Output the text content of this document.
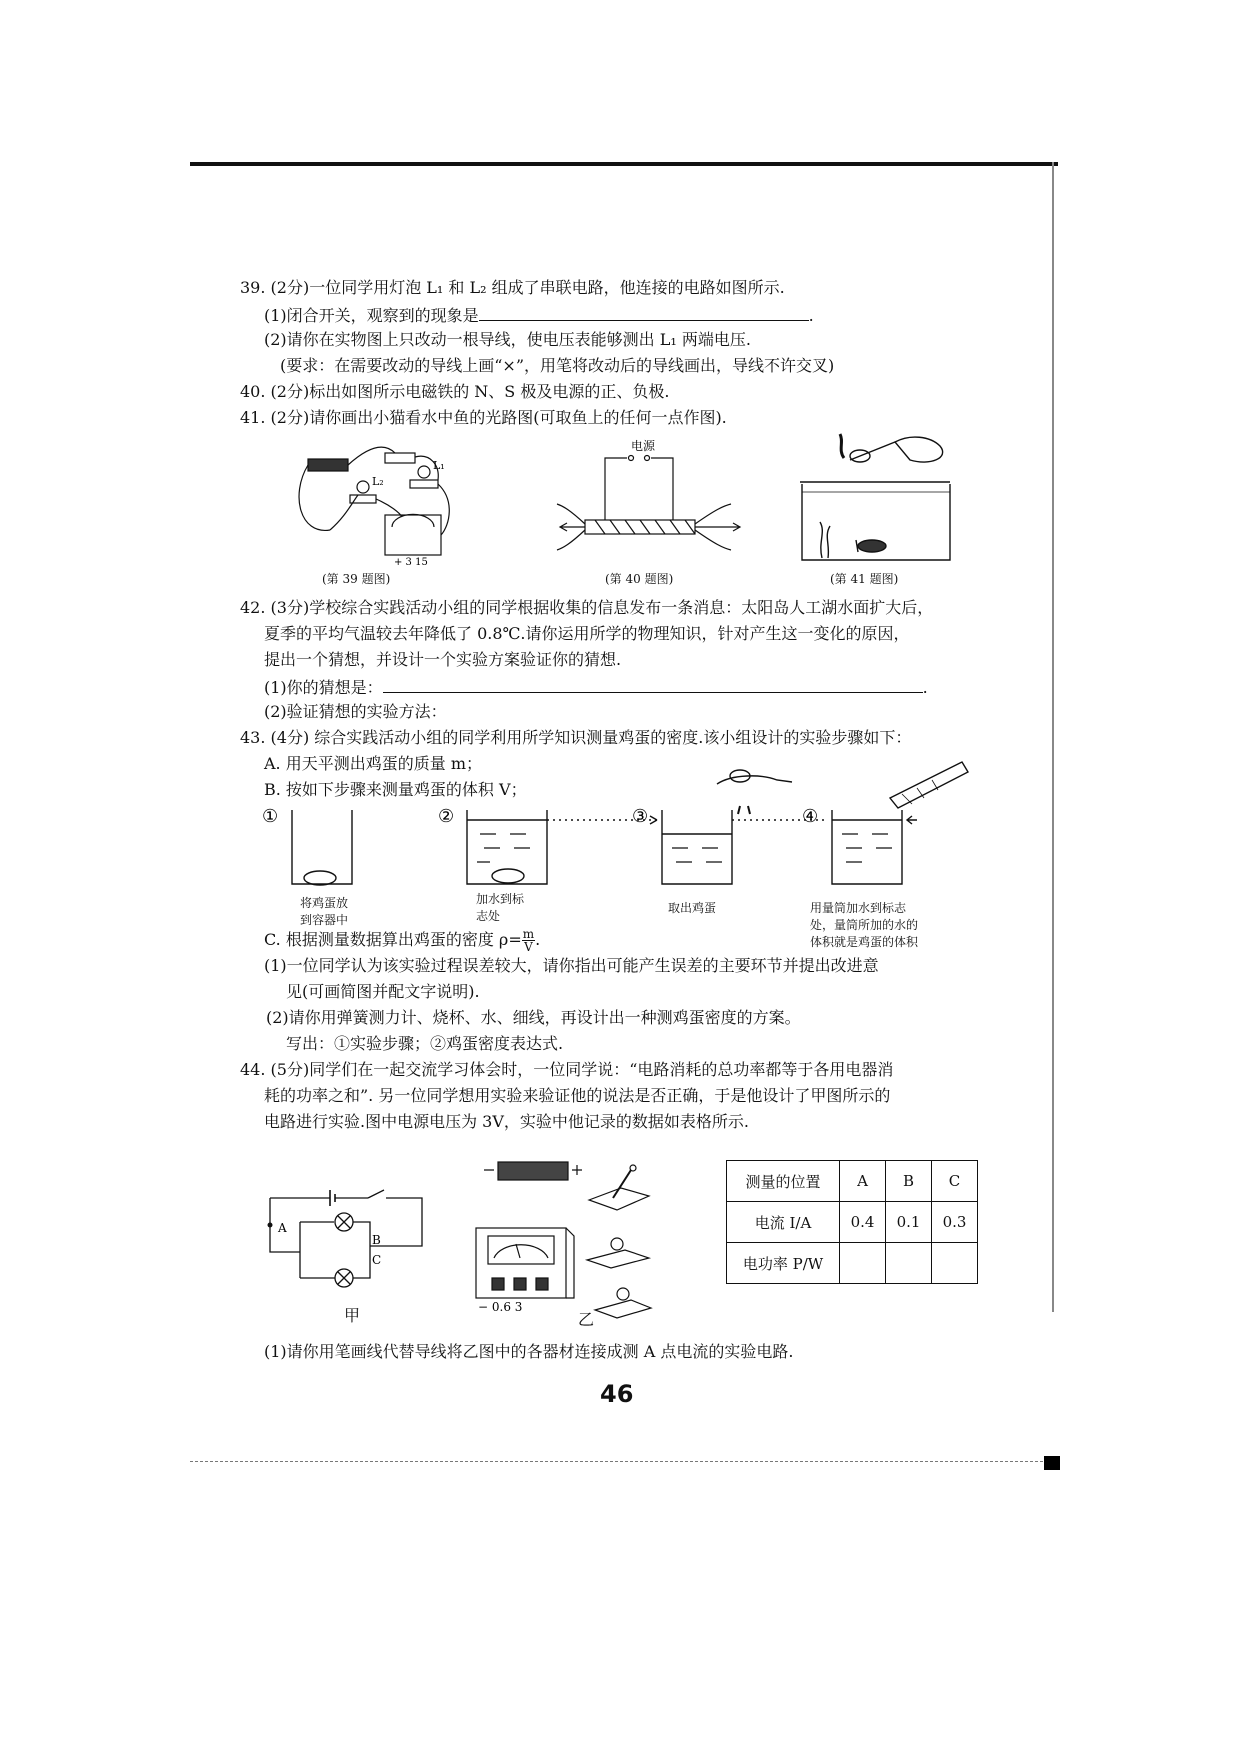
39. (2分)一位同学用灯泡 L₁ 和 L₂ 组成了串联电路，他连接的电路如图所示.
(1)闭合开关，观察到的现象是	.
(2)请你在实物图上只改动一根导线，使电压表能够测出 L₁ 两端电压.
(要求：在需要改动的导线上画“×”，用笔将改动后的导线画出，导线不许交叉)
40. (2分)标出如图所示电磁铁的 N、S 极及电源的正、负极.
41. (2分)请你画出小猫看水中鱼的光路图(可取鱼上的任何一点作图).
L₁
L₂
+ 3 15
(第 39 题图)
电源
(第 40 题图)	(第 41 题图)
42. (3分)学校综合实践活动小组的同学根据收集的信息发布一条消息：太阳岛人工湖水面扩大后，
夏季的平均气温较去年降低了 0.8℃.请你运用所学的物理知识，针对产生这一变化的原因，
提出一个猜想，并设计一个实验方案验证你的猜想.
(1)你的猜想是：	.
(2)验证猜想的实验方法：
43. (4分) 综合实践活动小组的同学利用所学知识测量鸡蛋的密度.该小组设计的实验步骤如下：
A. 用天平测出鸡蛋的质量 m；
B. 按如下步骤来测量鸡蛋的体积 V；
①	②	③	④
将鸡蛋放
到容器中
加水到标
志处
取出鸡蛋	用量筒加水到标志
处，量筒所加的水的
体积就是鸡蛋的体积
C. 根据测量数据算出鸡蛋的密度 $\rho= \frac{m}{V}$ .
(1)一位同学认为该实验过程误差较大，请你指出可能产生误差的主要环节并提出改进意
见(可画简图并配文字说明).
(2)请你用弹簧测力计、烧杯、水、细线，再设计出一种测鸡蛋密度的方案。
写出：①实验步骤；②鸡蛋密度表达式.
44. (5分)同学们在一起交流学习体会时，一位同学说：“电路消耗的总功率都等于各用电器消
耗的功率之和”. 另一位同学想用实验来验证他的说法是否正确，于是他设计了甲图所示的
电路进行实验.图中电源电压为 3V，实验中他记录的数据如表格所示.
A
B
C
甲	− 0.6 3
乙
测量的位置	A	B	C
电流 I/A	0.4	0.1	0.3
电功率 P/W			
(1)请你用笔画线代替导线将乙图中的各器材连接成测 A 点电流的实验电路.
46
